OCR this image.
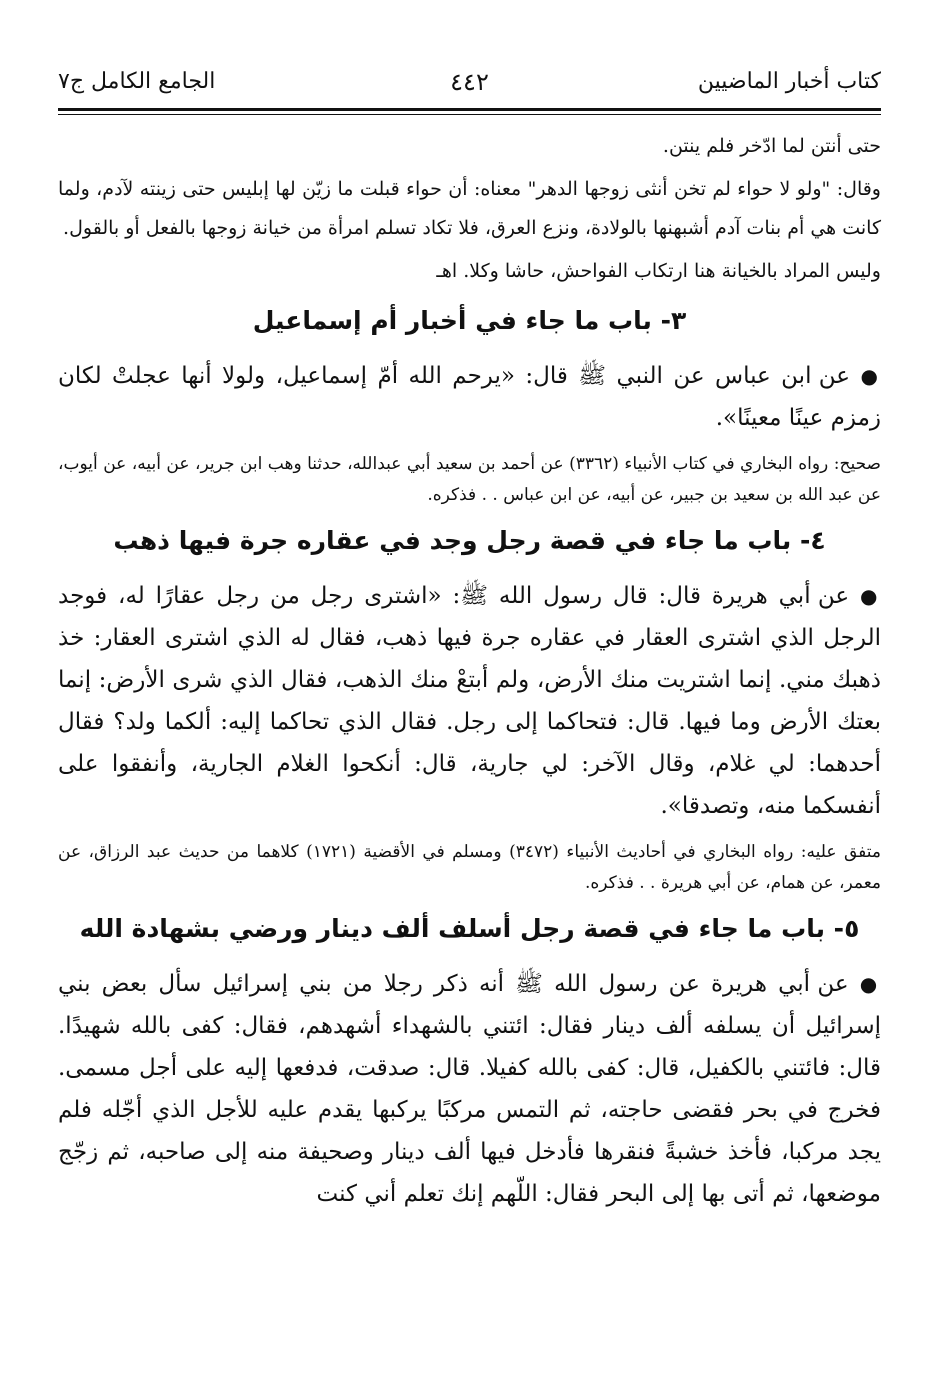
كتاب أخبار الماضيين
٤٤٢
الجامع الكامل ج٧

حتى أنتن لما ادّخر فلم ينتن.

وقال: "ولو لا حواء لم تخن أنثى زوجها الدهر" معناه: أن حواء قبلت ما زيّن لها إبليس حتى زينته لآدم، ولما كانت هي أم بنات آدم أشبهنها بالولادة، ونزع العرق، فلا تكاد تسلم امرأة من خيانة زوجها بالفعل أو بالقول.

وليس المراد بالخيانة هنا ارتكاب الفواحش، حاشا وكلا. اهـ

٣- باب ما جاء في أخبار أم إسماعيل

● عن ابن عباس عن النبي ﷺ قال: «يرحم الله أمّ إسماعيل، ولولا أنها عجلتْ لكان زمزم عينًا معينًا».

صحيح: رواه البخاري في كتاب الأنبياء (٣٣٦٢) عن أحمد بن سعيد أبي عبدالله، حدثنا وهب ابن جرير، عن أبيه، عن أيوب، عن عبد الله بن سعيد بن جبير، عن أبيه، عن ابن عباس . . فذكره.

٤- باب ما جاء في قصة رجل وجد في عقاره جرة فيها ذهب

● عن أبي هريرة قال: قال رسول الله ﷺ: «اشترى رجل من رجل عقارًا له، فوجد الرجل الذي اشترى العقار في عقاره جرة فيها ذهب، فقال له الذي اشترى العقار: خذ ذهبك مني. إنما اشتريت منك الأرض، ولم أبتعْ منك الذهب، فقال الذي شرى الأرض: إنما بعتك الأرض وما فيها. قال: فتحاكما إلى رجل. فقال الذي تحاكما إليه: ألكما ولد؟ فقال أحدهما: لي غلام، وقال الآخر: لي جارية، قال: أنكحوا الغلام الجارية، وأنفقوا على أنفسكما منه، وتصدقا».

متفق عليه: رواه البخاري في أحاديث الأنبياء (٣٤٧٢) ومسلم في الأقضية (١٧٢١) كلاهما من حديث عبد الرزاق، عن معمر، عن همام، عن أبي هريرة . . فذكره.

٥- باب ما جاء في قصة رجل أسلف ألف دينار ورضي بشهادة الله

● عن أبي هريرة عن رسول الله ﷺ أنه ذكر رجلا من بني إسرائيل سأل بعض بني إسرائيل أن يسلفه ألف دينار فقال: ائتني بالشهداء أشهدهم، فقال: كفى بالله شهيدًا. قال: فائتني بالكفيل، قال: كفى بالله كفيلا. قال: صدقت، فدفعها إليه على أجل مسمى. فخرج في بحر فقضى حاجته، ثم التمس مركبًا يركبها يقدم عليه للأجل الذي أجّله فلم يجد مركبا، فأخذ خشبةً فنقرها فأدخل فيها ألف دينار وصحيفة منه إلى صاحبه، ثم زجّج موضعها، ثم أتى بها إلى البحر فقال: اللّهم إنك تعلم أني كنت
